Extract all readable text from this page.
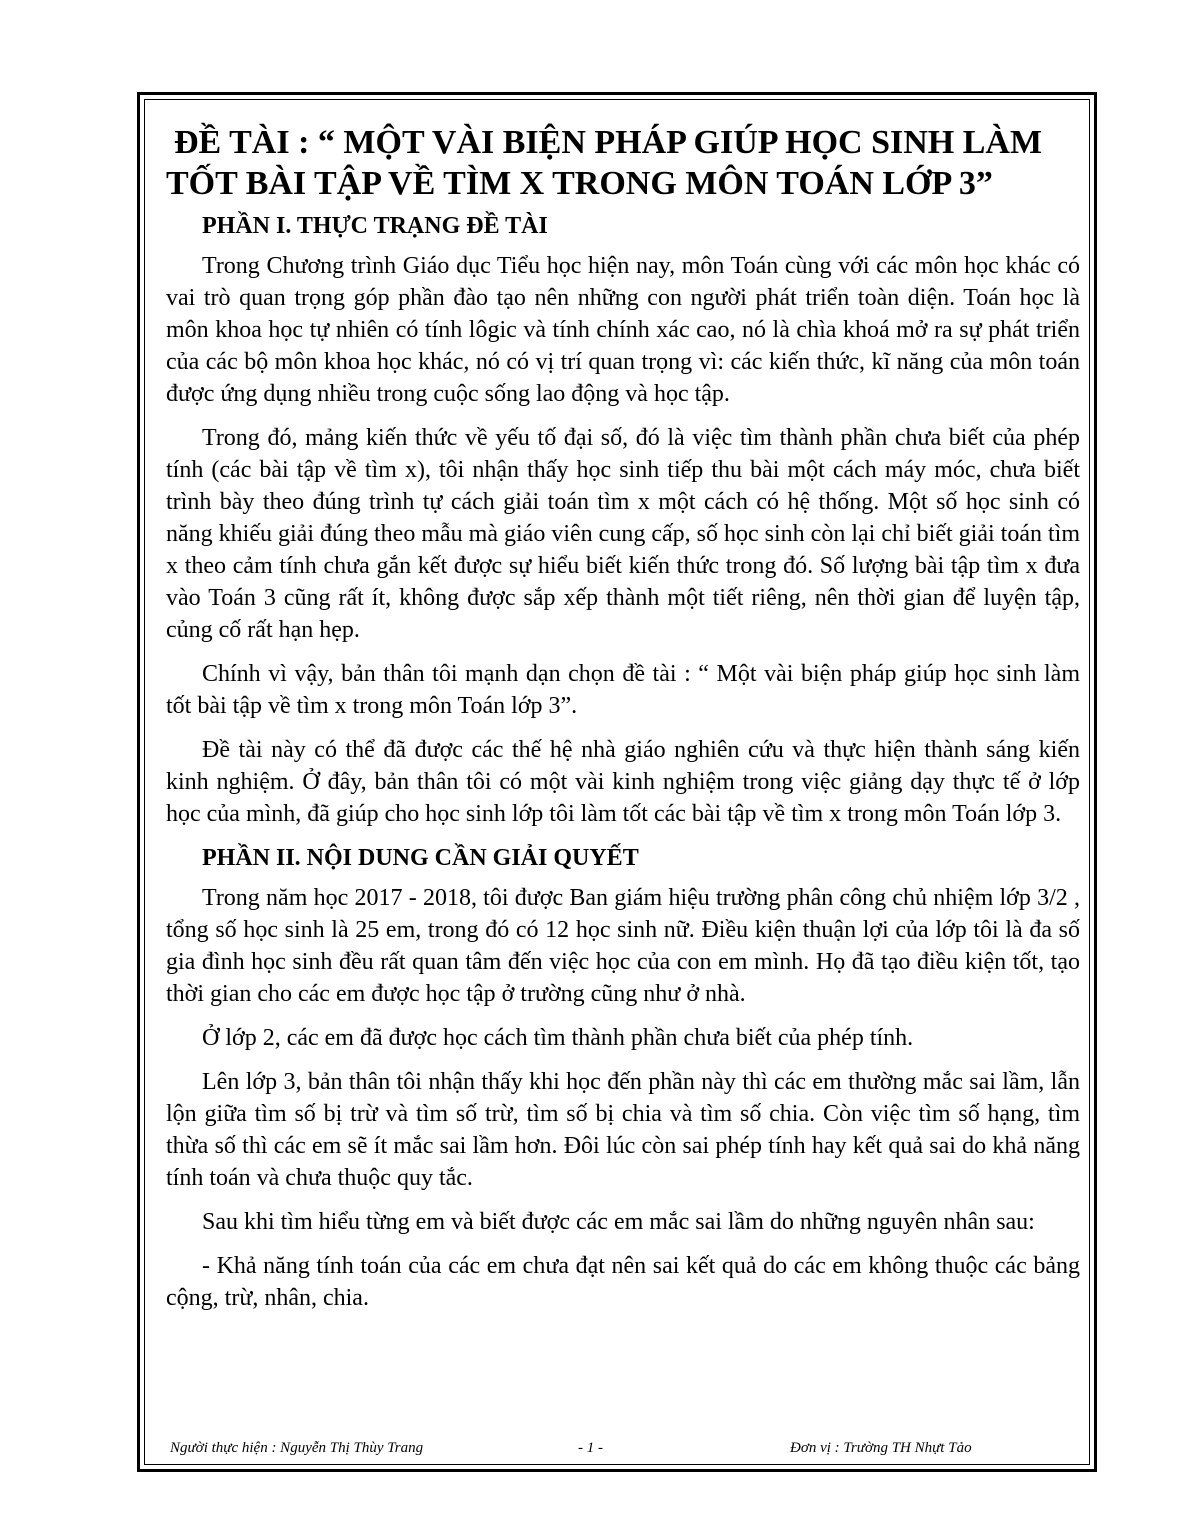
ĐỀ TÀI : “ MỘT VÀI BIỆN PHÁP GIÚP HỌC SINH LÀM TỐT BÀI TẬP VỀ TÌM X TRONG MÔN TOÁN LỚP 3”
PHẦN I. THỰC TRẠNG ĐỀ TÀI

Trong Chương trình Giáo dục Tiểu học hiện nay, môn Toán cùng với các môn học khác có vai trò quan trọng góp phần đào tạo nên những con người phát triển toàn diện. Toán học là môn khoa học tự nhiên có tính lôgic và tính chính xác cao, nó là chìa khoá mở ra sự phát triển của các bộ môn khoa học khác, nó có vị trí quan trọng vì: các kiến thức, kĩ năng của môn toán được ứng dụng nhiều trong cuộc sống lao động và học tập.

Trong đó, mảng kiến thức về yếu tố đại số, đó là việc tìm thành phần chưa biết của phép tính (các bài tập về tìm x), tôi nhận thấy học sinh tiếp thu bài một cách máy móc, chưa biết trình bày theo đúng trình tự cách giải toán tìm x một cách có hệ thống. Một số học sinh có năng khiếu giải đúng theo mẫu mà giáo viên cung cấp, số học sinh còn lại chỉ biết giải toán tìm x theo cảm tính chưa gắn kết được sự hiểu biết kiến thức trong đó. Số lượng bài tập tìm x đưa vào Toán 3 cũng rất ít, không được sắp xếp thành một tiết riêng, nên thời gian để luyện tập, củng cố rất hạn hẹp.

Chính vì vậy, bản thân tôi mạnh dạn chọn đề tài : “ Một vài biện pháp giúp học sinh làm tốt bài tập về tìm x trong môn Toán lớp 3”.

Đề tài này có thể đã được các thế hệ nhà giáo nghiên cứu và thực hiện thành sáng kiến kinh nghiệm. Ở đây, bản thân tôi có một vài kinh nghiệm trong việc giảng dạy thực tế ở lớp học của mình, đã giúp cho học sinh lớp tôi làm tốt các bài tập về tìm x trong môn Toán lớp 3.

PHẦN II. NỘI DUNG CẦN GIẢI QUYẾT

Trong năm học 2017 - 2018, tôi được Ban giám hiệu trường phân công chủ nhiệm lớp 3/2 , tổng số học sinh là 25 em, trong đó có 12 học sinh nữ. Điều kiện thuận lợi của lớp tôi là đa số gia đình học sinh đều rất quan tâm đến việc học của con em mình. Họ đã tạo điều kiện tốt, tạo thời gian cho các em được học tập ở trường cũng như ở nhà.

Ở lớp 2, các em đã được học cách tìm thành phần chưa biết của phép tính.

Lên lớp 3, bản thân tôi nhận thấy khi học đến phần này thì các em thường mắc sai lầm, lẫn lộn giữa tìm số bị trừ và tìm số trừ, tìm số bị chia và tìm số chia. Còn việc tìm số hạng, tìm thừa số thì các em sẽ ít mắc sai lầm hơn. Đôi lúc còn sai phép tính hay kết quả sai do khả năng tính toán và chưa thuộc quy tắc.

Sau khi tìm hiểu từng em và biết được các em mắc sai lầm do những nguyên nhân sau:

- Khả năng tính toán của các em chưa đạt nên sai kết quả do các em không thuộc các bảng cộng, trừ, nhân, chia.

Người thực hiện : Nguyễn Thị Thùy Trang	- 1 -	Đơn vị : Trường TH Nhựt Tảo
